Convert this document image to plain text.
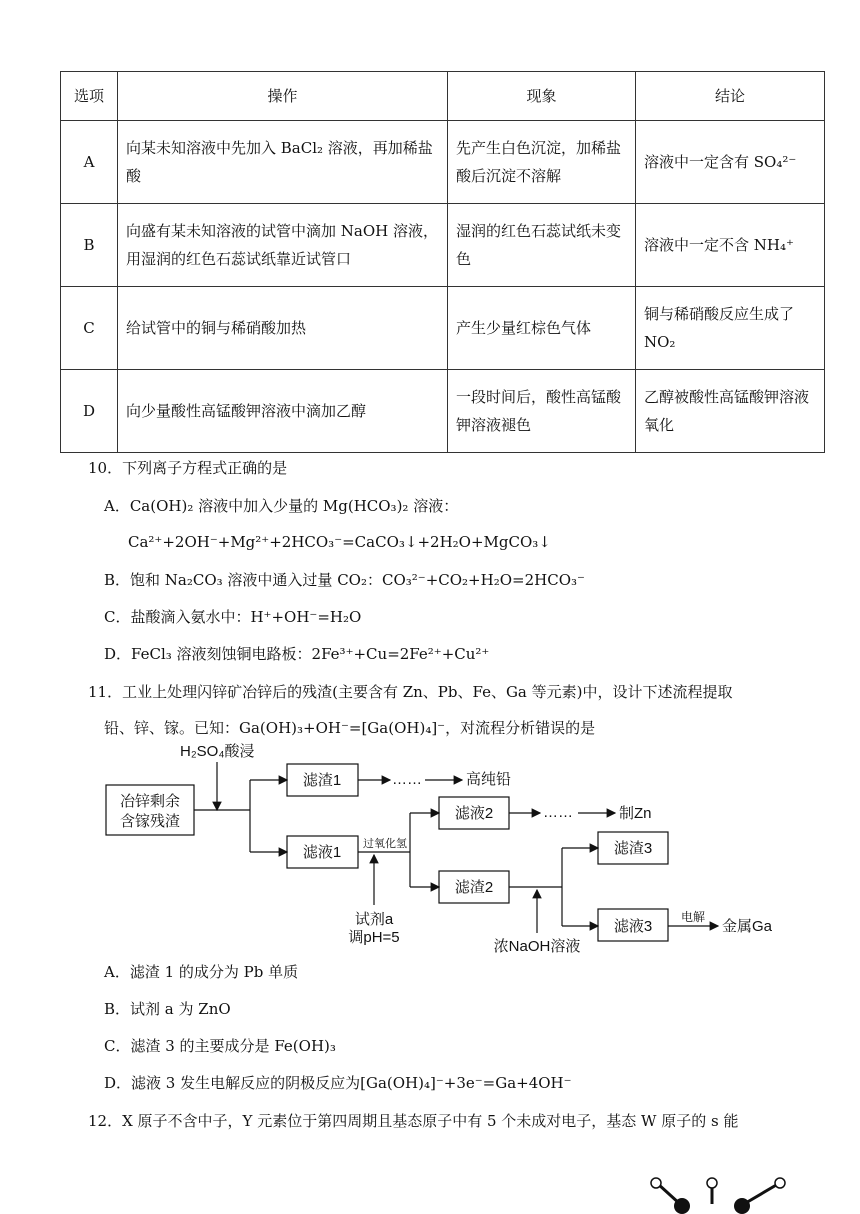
选项	操作	现象	结论
A	向某未知溶液中先加入 BaCl₂ 溶液，再加稀盐酸	先产生白色沉淀，加稀盐酸后沉淀不溶解	溶液中一定含有 SO₄²⁻
B	向盛有某未知溶液的试管中滴加 NaOH 溶液，用湿润的红色石蕊试纸靠近试管口	湿润的红色石蕊试纸未变色	溶液中一定不含 NH₄⁺
C	给试管中的铜与稀硝酸加热	产生少量红棕色气体	铜与稀硝酸反应生成了 NO₂
D	向少量酸性高锰酸钾溶液中滴加乙醇	一段时间后，酸性高锰酸钾溶液褪色	乙醇被酸性高锰酸钾溶液氧化
10．下列离子方程式正确的是
A．Ca(OH)₂ 溶液中加入少量的 Mg(HCO₃)₂ 溶液：
Ca²⁺+2OH⁻+Mg²⁺+2HCO₃⁻=CaCO₃↓+2H₂O+MgCO₃↓
B．饱和 Na₂CO₃ 溶液中通入过量 CO₂：CO₃²⁻+CO₂+H₂O=2HCO₃⁻
C．盐酸滴入氨水中：H⁺+OH⁻=H₂O
D．FeCl₃ 溶液刻蚀铜电路板：2Fe³⁺+Cu=2Fe²⁺+Cu²⁺
11．工业上处理闪锌矿冶锌后的残渣(主要含有 Zn、Pb、Fe、Ga 等元素)中，设计下述流程提取
铅、锌、镓。已知：Ga(OH)₃+OH⁻=[Ga(OH)₄]⁻，对流程分析错误的是
H₂SO₄酸浸
冶锌剩余
含镓残渣
滤渣1
滤液1
……	高纯铅
滤液2	……	制Zn
滤渣2
过氧化氢
试剂a
调pH=5
浓NaOH溶液
滤渣3
滤液3
电解
金属Ga
A．滤渣 1 的成分为 Pb 单质
B．试剂 a 为 ZnO
C．滤渣 3 的主要成分是 Fe(OH)₃
D．滤液 3 发生电解反应的阴极反应为[Ga(OH)₄]⁻+3e⁻=Ga+4OH⁻
12．X 原子不含中子，Y 元素位于第四周期且基态原子中有 5 个未成对电子，基态 W 原子的 s 能
